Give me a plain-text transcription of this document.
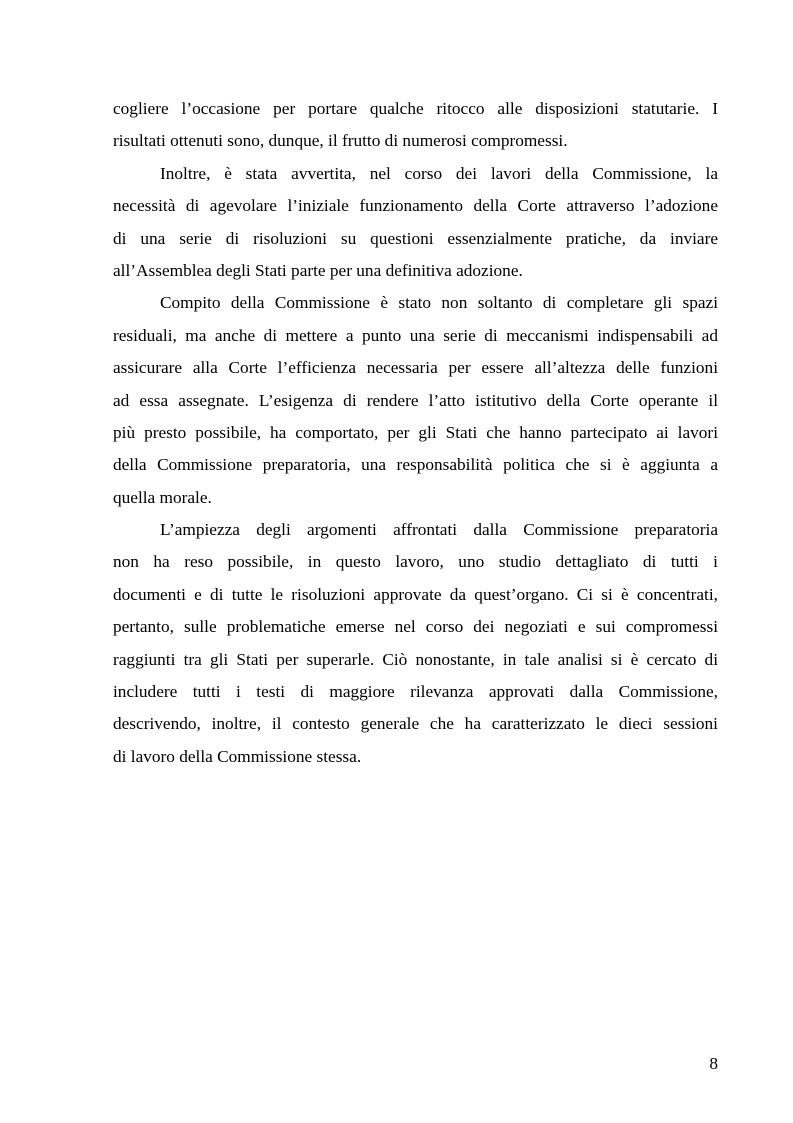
cogliere l’occasione per portare qualche ritocco alle disposizioni statutarie. I
risultati ottenuti sono, dunque, il frutto di numerosi compromessi.

Inoltre, è stata avvertita, nel corso dei lavori della Commissione, la
necessità di agevolare l’iniziale funzionamento della Corte attraverso l’adozione
di una serie di risoluzioni su questioni essenzialmente pratiche, da inviare
all’Assemblea degli Stati parte per una definitiva adozione.

Compito della Commissione è stato non soltanto di completare gli spazi
residuali, ma anche di mettere a punto una serie di meccanismi indispensabili ad
assicurare alla Corte l’efficienza necessaria per essere all’altezza delle funzioni
ad essa assegnate. L’esigenza di rendere l’atto istitutivo della Corte operante il
più presto possibile, ha comportato, per gli Stati che hanno partecipato ai lavori
della Commissione preparatoria, una responsabilità politica che si è aggiunta a
quella morale.

L’ampiezza degli argomenti affrontati dalla Commissione preparatoria
non ha reso possibile, in questo lavoro, uno studio dettagliato di tutti i
documenti e di tutte le risoluzioni approvate da quest’organo. Ci si è concentrati,
pertanto, sulle problematiche emerse nel corso dei negoziati e sui compromessi
raggiunti tra gli Stati per superarle. Ciò nonostante, in tale analisi si è cercato di
includere tutti i testi di maggiore rilevanza approvati dalla Commissione,
descrivendo, inoltre, il contesto generale che ha caratterizzato le dieci sessioni
di lavoro della Commissione stessa.

8
